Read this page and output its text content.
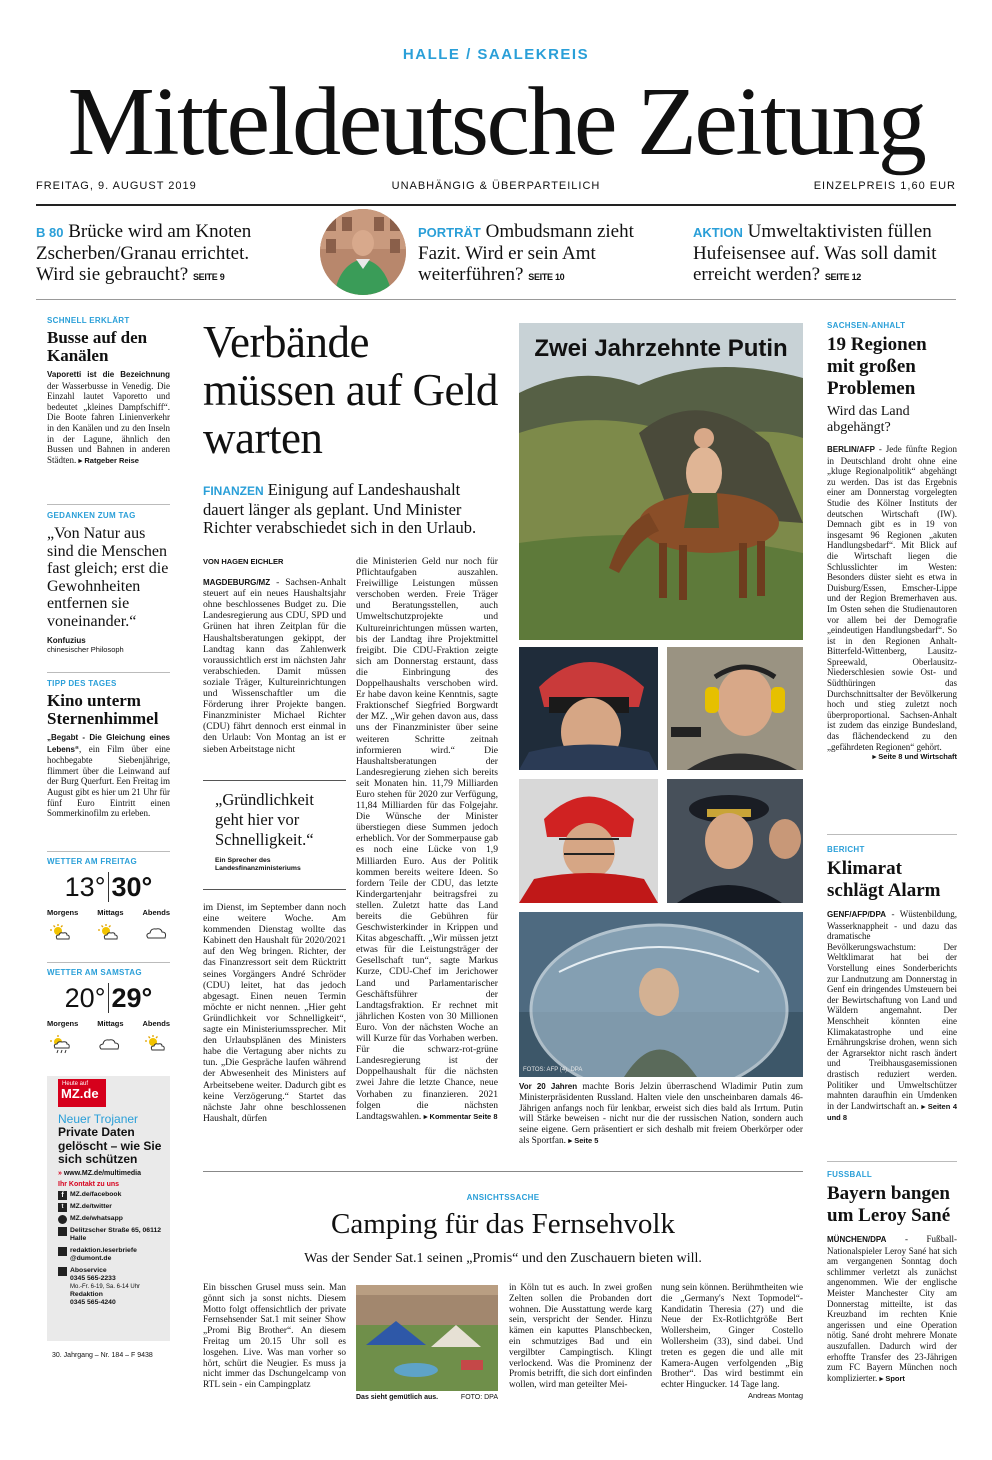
HALLE / SAALEKREIS
Mitteldeutsche Zeitung
FREITAG, 9. AUGUST 2019	UNABHÄNGIG & ÜBERPARTEILICH	EINZELPREIS 1,60 EUR
B 80 Brücke wird am Knoten Zscherben/Granau errichtet. Wird sie gebraucht? SEITE 9
PORTRÄT Ombudsmann zieht Fazit. Wird er sein Amt weiterführen? SEITE 10
AKTION Umweltaktivisten füllen Hufeisensee auf. Was soll damit erreicht werden? SEITE 12
SCHNELL ERKLÄRT
Busse auf den Kanälen
Vaporetti ist die Bezeichnung der Wasserbusse in Venedig. Die Einzahl lautet Vaporetto und bedeutet „kleines Dampfschiff“. Die Boote fahren Linienverkehr in den Kanälen und zu den Inseln in der Lagune, ähnlich den Bussen und Bahnen in anderen Städten. ▸ Ratgeber Reise
GEDANKEN ZUM TAG
„Von Natur aus sind die Menschen fast gleich; erst die Gewohnheiten entfernen sie voneinander.“
Konfuzius
chinesischer Philosoph
TIPP DES TAGES
Kino unterm Sternenhimmel
„Begabt - Die Gleichung eines Lebens“, ein Film über eine hochbegabte Siebenjährige, flimmert über die Leinwand auf der Burg Querfurt. Een Freitag im August gibt es hier um 21 Uhr für fünf Euro Eintritt einen Sommerkinofilm zu erleben.
WETTER AM FREITAG
13° 30°
Morgens	Mittags	Abends
WETTER AM SAMSTAG
20° 29°
Morgens	Mittags	Abends
Heute auf
MZ.de
Neuer Trojaner
Private Daten gelöscht – wie Sie sich schützen
» www.MZ.de/multimedia
Ihr Kontakt zu uns
f MZ.de/facebook
t MZ.de/twitter
MZ.de/whatsapp
Delitzscher Straße 65, 06112 Halle
redaktion.leserbriefe @dumont.de
Aboservice
0345 565-2233
Mo.-Fr. 6-19, Sa. 6-14 Uhr
Redaktion
0345 565-4240
30. Jahrgang – Nr. 184 – F 9438
Verbände müssen auf Geld warten
FINANZEN Einigung auf Landeshaushalt dauert länger als geplant. Und Minister Richter verabschiedet sich in den Urlaub.
VON HAGEN EICHLER
MAGDEBURG/MZ - Sachsen-Anhalt steuert auf ein neues Haushaltsjahr ohne beschlossenes Budget zu. Die Landesregierung aus CDU, SPD und Grünen hat ihren Zeitplan für die Haushaltsberatungen gekippt, der Landtag kann das Zahlenwerk voraussichtlich erst im nächsten Jahr verabschieden. Damit müssen soziale Träger, Kultureinrichtungen und Wissenschaftler um die Förderung ihrer Projekte bangen. Finanzminister Michael Richter (CDU) fährt dennoch erst einmal in den Urlaub: Von Montag an ist er sieben Arbeitstage nicht
„Gründlichkeit geht hier vor Schnelligkeit.“
Ein Sprecher des Landesfinanzministeriums
im Dienst, im September dann noch eine weitere Woche. Am kommenden Dienstag wollte das Kabinett den Haushalt für 2020/2021 auf den Weg bringen. Richter, der das Finanzressort seit dem Rücktritt seines Vorgängers André Schröder (CDU) leitet, hat das jedoch abgesagt. Einen neuen Termin möchte er nicht nennen. „Hier geht Gründlichkeit vor Schnelligkeit“, sagte ein Ministeriumssprecher. Mit den Urlaubsplänen des Ministers habe die Vertagung aber nichts zu tun. „Die Gespräche laufen während der Abwesenheit des Ministers auf Arbeitsebene weiter. Dadurch gibt es keine Verzögerung.“ Startet das nächste Jahr ohne beschlossenen Haushalt, dürfen
die Ministerien Geld nur noch für Pflichtaufgaben auszahlen. Freiwillige Leistungen müssen verschoben werden. Freie Träger und Beratungsstellen, auch Umweltschutzprojekte und Kultureinrichtungen müssen warten, bis der Landtag ihre Projektmittel freigibt. Die CDU-Fraktion zeigte sich am Donnerstag erstaunt, dass die Einbringung des Doppelhaushalts verschoben wird. Er habe davon keine Kenntnis, sagte Fraktionschef Siegfried Borgwardt der MZ. „Wir gehen davon aus, dass uns der Finanzminister über seine weiteren Schritte zeitnah informieren wird.“ Die Haushaltsberatungen der Landesregierung ziehen sich bereits seit Monaten hin. 11,79 Milliarden Euro stehen für 2020 zur Verfügung, 11,84 Milliarden für das Folgejahr. Die Wünsche der Minister überstiegen diese Summen jedoch erheblich. Vor der Sommerpause gab es noch eine Lücke von 1,9 Milliarden Euro. Aus der Politik kommen bereits weitere Ideen. So fordern Teile der CDU, das letzte Kindergartenjahr beitragsfrei zu stellen. Zuletzt hatte das Land bereits die Gebühren für Geschwisterkinder in Krippen und Kitas abgeschafft. „Wir müssen jetzt etwas für die Leistungsträger der Gesellschaft tun“, sagte Markus Kurze, CDU-Chef im Jerichower Land und Parlamentarischer Geschäftsführer der Landtagsfraktion. Er rechnet mit jährlichen Kosten von 30 Millionen Euro. Von der nächsten Woche an will Kurze für das Vorhaben werben. Für die schwarz-rot-grüne Landesregierung ist der Doppelhaushalt für die nächsten zwei Jahre die letzte Chance, neue Vorhaben zu finanzieren. 2021 folgen die nächsten Landtagswahlen. ▸ Kommentar Seite 8
Zwei Jahrzehnte Putin
FOTOS: AFP (4), DPA
Vor 20 Jahren machte Boris Jelzin überraschend Wladimir Putin zum Ministerpräsidenten Russland. Halten viele den unscheinbaren damals 46-Jährigen anfangs noch für lenkbar, erweist sich dies bald als Irrtum. Putin will Stärke beweisen - nicht nur die der russischen Nation, sondern auch seine eigene. Gern präsentiert er sich deshalb mit freiem Oberkörper oder als Sportfan. ▸ Seite 5
SACHSEN-ANHALT
19 Regionen mit großen Problemen
Wird das Land abgehängt?
BERLIN/AFP - Jede fünfte Region in Deutschland droht ohne eine „kluge Regionalpolitik“ abgehängt zu werden. Das ist das Ergebnis einer am Donnerstag vorgelegten Studie des Kölner Instituts der deutschen Wirtschaft (IW). Demnach gibt es in 19 von insgesamt 96 Regionen „akuten Handlungsbedarf“. Mit Blick auf die Wirtschaft liegen die Schlusslichter im Westen: Besonders düster sieht es etwa in Duisburg/Essen, Emscher-Lippe und der Region Bremerhaven aus. Im Osten sehen die Studienautoren vor allem bei der Demografie „eindeutigen Handlungsbedarf“. So ist in den Regionen Anhalt-Bitterfeld-Wittenberg, Lausitz-Spreewald, Oberlausitz-Niederschlesien sowie Ost- und Südthüringen das Durchschnittsalter der Bevölkerung hoch und stieg zuletzt noch überproportional. Sachsen-Anhalt ist zudem das einzige Bundesland, das flächendeckend zu den „gefährdeten Regionen“ gehört.

▸ Seite 8 und Wirtschaft
BERICHT
Klimarat schlägt Alarm
GENF/AFP/DPA - Wüstenbildung, Wasserknappheit - und dazu das dramatische Bevölkerungswachstum: Der Weltklimarat hat bei der Vorstellung eines Sonderberichts zur Landnutzung am Donnerstag in Genf ein dringendes Umsteuern bei der Bewirtschaftung von Land und Wäldern angemahnt. Der Menschheit könnten eine Klimakatastrophe und eine Ernährungskrise drohen, wenn sich der Agrarsektor nicht rasch ändert und Treibhausgasemissionen drastisch reduziert werden. Politiker und Umweltschützer mahnten daraufhin ein Umdenken in der Landwirtschaft an. ▸ Seiten 4 und 8
FUSSBALL
Bayern bangen um Leroy Sané
MÜNCHEN/DPA - Fußball-Nationalspieler Leroy Sané hat sich am vergangenen Sonntag doch schlimmer verletzt als zunächst angenommen. Wie der englische Meister Manchester City am Donnerstag mitteilte, ist das Kreuzband im rechten Knie angerissen und eine Operation nötig. Sané droht mehrere Monate auszufallen. Dadurch wird der erhoffte Transfer des 23-Jährigen zum FC Bayern München noch komplizierter. ▸ Sport
ANSICHTSSACHE
Camping für das Fernsehvolk
Was der Sender Sat.1 seinen „Promis“ und den Zuschauern bieten will.
Ein bisschen Grusel muss sein. Man gönnt sich ja sonst nichts. Diesem Motto folgt offensichtlich der private Fernsehsender Sat.1 mit seiner Show „Promi Big Brother“. An diesem Freitag um 20.15 Uhr soll es losgehen. Live. Was man vorher so hört, schürt die Neugier. Es muss ja nicht immer das Dschungelcamp von RTL sein - ein Campingplatz
Das sieht gemütlich aus.	FOTO: DPA
in Köln tut es auch. In zwei großen Zelten sollen die Probanden dort wohnen. Die Ausstattung werde karg sein, verspricht der Sender. Hinzu kämen ein kaputtes Planschbecken, ein schmutziges Bad und ein vergilbter Campingtisch. Klingt verlockend. Was die Prominenz der Promis betrifft, die sich dort einfinden wollen, wird man geteilter Mei-
nung sein können. Berühmtheiten wie die „Germany's Next Topmodel“-Kandidatin Theresia (27) und die Neue der Ex-Rotlichtgröße Bert Wollersheim, Ginger Costello Wollersheim (33), sind dabei. Und treten es gegen die und alle mit Kamera-Augen verfolgenden „Big Brother“. Das wird bestimmt ein echter Hingucker. 14 Tage lang.
Andreas Montag
